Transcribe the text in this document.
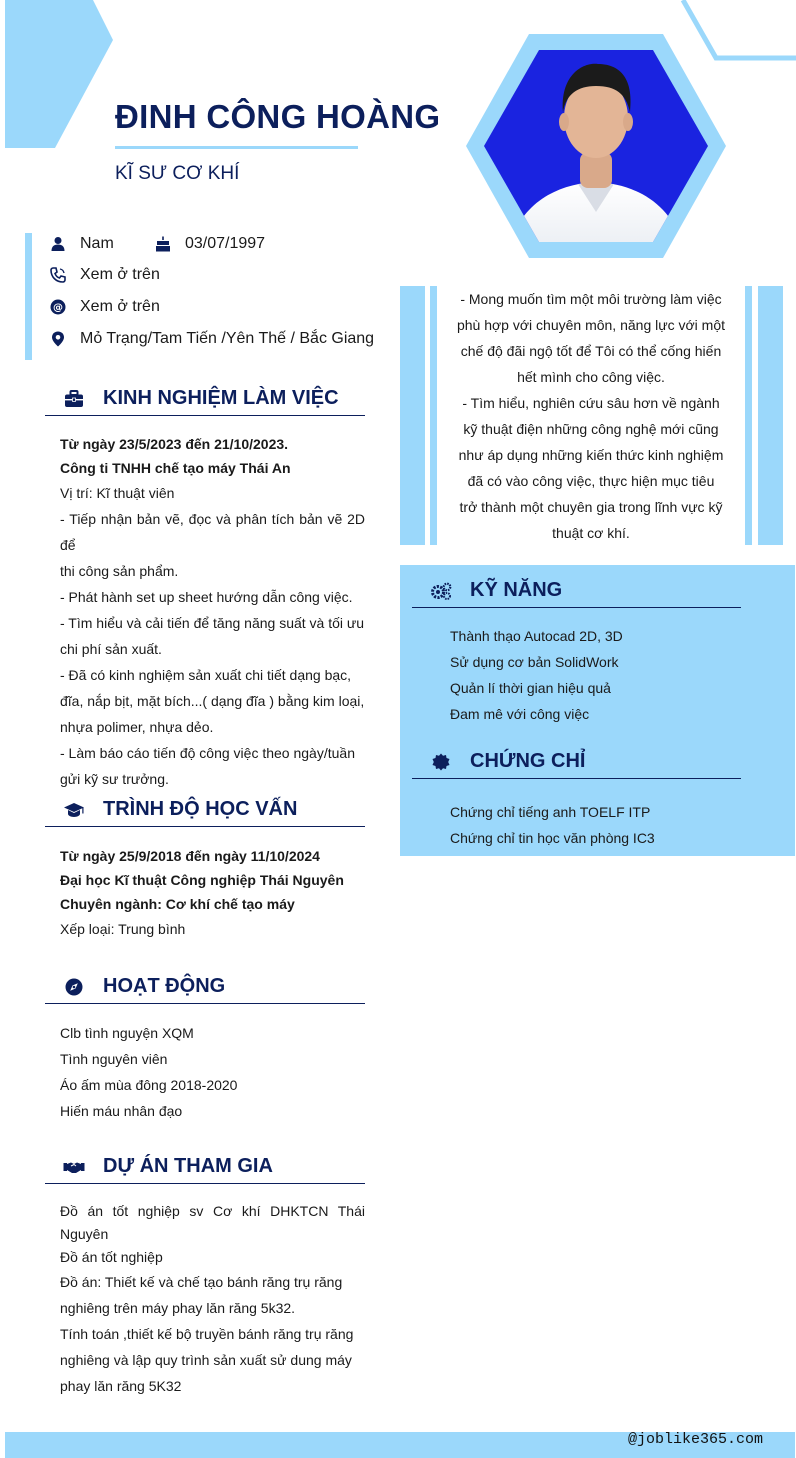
ĐINH CÔNG HOÀNG
KĨ SƯ CƠ KHÍ
Nam	03/07/1997
Xem ở trên
@ Xem ở trên
Mỏ Trạng/Tam Tiến /Yên Thế / Bắc Giang
KINH NGHIỆM LÀM VIỆC
Từ ngày 23/5/2023 đến 21/10/2023.
Công ti TNHH chế tạo máy Thái An
Vị trí: Kĩ thuật viên
- Tiếp nhận bản vẽ, đọc và phân tích bản vẽ 2D để
thi công sản phẩm.
- Phát hành set up sheet hướng dẫn công việc.
- Tìm hiểu và cải tiến để tăng năng suất và tối ưu
chi phí sản xuất.
- Đã có kinh nghiệm sản xuất chi tiết dạng bạc,
đĩa, nắp bịt, mặt bích...( dạng đĩa ) bằng kim loại,
nhựa polimer, nhựa dẻo.
- Làm báo cáo tiến độ công việc theo ngày/tuần
gửi kỹ sư trưởng.
TRÌNH ĐỘ HỌC VẤN
Từ ngày 25/9/2018 đến ngày 11/10/2024
Đại học Kĩ thuật Công nghiệp Thái Nguyên
Chuyên ngành: Cơ khí chế tạo máy
Xếp loại: Trung bình
HOẠT ĐỘNG
Clb tình nguyện XQM
Tình nguyên viên
Áo ấm mùa đông 2018-2020
Hiến máu nhân đạo
DỰ ÁN THAM GIA
Đồ án tốt nghiệp sv Cơ khí DHKTCN Thái Nguyên
Đồ án tốt nghiệp
Đồ án: Thiết kế và chế tạo bánh răng trụ răng
nghiêng trên máy phay lăn răng 5k32.
Tính toán ,thiết kế bộ truyền bánh răng trụ răng
nghiêng và lập quy trình sản xuất sử dung máy
phay lăn răng 5K32
- Mong muốn tìm một môi trường làm việc
phù hợp với chuyên môn, năng lực với một
chế độ đãi ngộ tốt để Tôi có thể cống hiến
hết mình cho công việc.
- Tìm hiểu, nghiên cứu sâu hơn về ngành
kỹ thuật điện những công nghệ mới cũng
như áp dụng những kiến thức kinh nghiệm
đã có vào công việc, thực hiện mục tiêu
trở thành một chuyên gia trong lĩnh vực kỹ
thuật cơ khí.
KỸ NĂNG
Thành thạo Autocad 2D, 3D
Sử dụng cơ bản SolidWork
Quản lí thời gian hiệu quả
Đam mê với công việc
CHỨNG CHỈ
Chứng chỉ tiếng anh TOELF ITP
Chứng chỉ tin học văn phòng IC3
@joblike365.com
